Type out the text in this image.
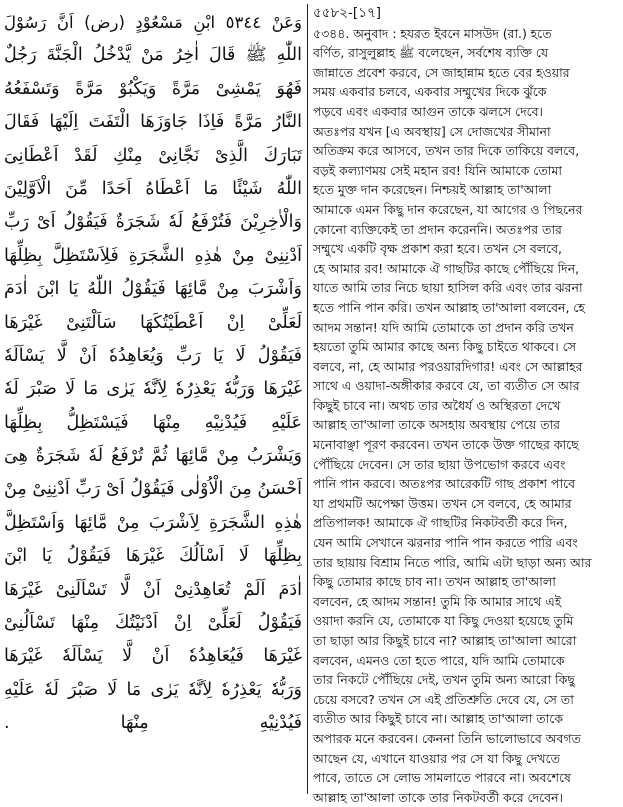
وَعَنْ ٥٣٤٤ ابْنِ مَسْعُوْدٍ (رض) اَنَّ رَسُوْلَ
اللّٰهِ ﷺ قَالَ اٰخِرُ مَنْ يَّدْخُلُ الْجَنَّةَ رَجُلٌ
فَهُوَ يَمْشِىْ مَرَّةً وَيَكْبُوْ مَرَّةً وَتَسْفَعُهُ
النَّارُ مَرَّةً فَاِذَا جَاوَزَهَا الْتَفَتَ اِلَيْهَا فَقَالَ
تَبَارَكَ الَّذِىْ نَجَّانِىْ مِنْكِ لَقَدْ اَعْطَانِىَ
اللّٰهُ شَيْئًا مَا اَعْطَاهُ اَحَدًا مِّنَ الْاَوَّلِيْنَ
وَالْاٰخِرِيْنَ فَتُرْفَعُ لَهٗ شَجَرَةٌ فَيَقُوْلُ اَىْ رَبِّ
اَدْنِنِىْ مِنْ هٰذِهِ الشَّجَرَةِ فَلِاَسْتَظِلَّ بِظِلِّهَا
وَاَشْرَبَ مِنْ مَّائِهَا فَيَقُوْلُ اللّٰهُ يَا ابْنَ اٰدَمَ
لَعَلِّىْ اِنْ اَعْطَيْتُكَهَا سَاَلْتَنِىْ غَيْرَهَا
فَيَقُوْلُ لَا يَا رَبِّ وَيُعَاهِدُهٗ اَنْ لَّا يَسْاَلَهٗ
غَيْرَهَا وَرَبُّهٗ يَعْذِرُهٗ لِاَنَّهٗ يَرٰى مَا لَا صَبْرَ لَهٗ
عَلَيْهِ فَيُدْنِيْهِ مِنْهَا فَيَسْتَظِلُّ بِظِلِّهَا
وَيَشْرَبُ مِنْ مَّائِهَا ثُمَّ تُرْفَعُ لَهٗ شَجَرَةٌ هِىَ
اَحْسَنُ مِنَ الْاُوْلٰى فَيَقُوْلُ اَىْ رَبِّ اَدْنِنِىْ مِنْ
هٰذِهِ الشَّجَرَةِ لِاَشْرَبَ مِنْ مَّائِهَا وَاَسْتَظِلَّ
بِظِلِّهَا لَا اَسْاَلُكَ غَيْرَهَا فَيَقُوْلُ يَا ابْنَ
اٰدَمَ اَلَمْ تُعَاهِدْنِىْ اَنْ لَّا تَسْاَلَنِىْ غَيْرَهَا
فَيَقُوْلُ لَعَلِّىْ اِنْ اَدْنَيْتُكَ مِنْهَا تَسْاَلُنِىْ
غَيْرَهَا فَيُعَاهِدُهٗ اَنْ لَّا يَسْاَلَهٗ غَيْرَهَا
وَرَبُّهٗ يَعْذِرُهٗ لِاَنَّهٗ يَرٰى مَا لَا صَبْرَ لَهٗ عَلَيْهِ
فَيُدْنِيْهِ مِنْهَا .
৫৫৮২-[১৭]
৫৩৪৪. অনুবাদ : হযরত ইবনে মাসউদ (রা.) হতে
বর্ণিত, রাসুলুল্লাহ ﷺ বলেছেন, সর্বশেষ ব্যক্তি যে
জান্নাতে প্রবেশ করবে, সে জাহান্নাম হতে বের হওয়ার
সময় একবার চলবে, একবার সম্মুখের দিকে ঝুঁকে
পড়বে এবং একবার আগুন তাকে ঝলসে দেবে।
অতঃপর যখন [এ অবস্থায়] সে দোজখের সীমানা
অতিক্রম করে আসবে, তখন তার দিকে তাকিয়ে বলবে,
বড়ই কল্যাণময় সেই মহান রব! যিনি আমাকে তোমা
হতে মুক্ত দান করেছেন। নিশ্চয়ই আল্লাহ তা'আলা
আমাকে এমন কিছু দান করেছেন, যা আগের ও পিছনের
কোনো ব্যক্তিকেই তা প্রদান করেননি। অতঃপর তার
সম্মুখে একটি বৃক্ষ প্রকাশ করা হবে। তখন সে বলবে,
হে আমার রব! আমাকে ঐ গাছটির কাছে পৌঁছিয়ে দিন,
যাতে আমি তার নিচে ছায়া হাসিল করি এবং তার ঝরনা
হতে পানি পান করি। তখন আল্লাহ তা'আলা বলবেন, হে
আদম সন্তান! যদি আমি তোমাকে তা প্রদান করি তখন
হয়তো তুমি আমার কাছে অন্য কিছু চাইতে থাকবে। সে
বলবে, না, হে আমার পরওয়ারদিগার! এবং সে আল্লাহর
সাথে এ ওয়াদা-অঙ্গীকার করবে যে, তা ব্যতীত সে আর
কিছুই চাবে না। অথচ তার অধৈর্য ও অস্থিরতা দেখে
আল্লাহ তা'আলা তাকে অসহায় অবস্থায় পেয়ে তার
মনোবাঞ্ছা পূরণ করবেন। তখন তাকে উক্ত গাছের কাছে
পৌঁছিয়ে দেবেন। সে তার ছায়া উপভোগ করবে এবং
পানি পান করবে। অতঃপর আরেকটি গাছ প্রকাশ পাবে
যা প্রথমটি অপেক্ষা উত্তম। তখন সে বলবে, হে আমার
প্রতিপালক! আমাকে ঐ গাছটির নিকটবর্তী করে দিন,
যেন আমি সেখানে ঝরনার পানি পান করতে পারি এবং
তার ছায়ায় বিশ্রাম নিতে পারি, আমি এটা ছাড়া অন্য আর
কিছু তোমার কাছে চাব না। তখন আল্লাহ তা'আলা
বলবেন, হে আদম সন্তান! তুমি কি আমার সাথে এই
ওয়াদা করনি যে, তোমাকে যা কিছু দেওয়া হয়েছে তুমি
তা ছাড়া আর কিছুই চাবে না? আল্লাহ তা'আলা আরো
বলবেন, এমনও তো হতে পারে, যদি আমি তোমাকে
তার নিকটে পৌঁছিয়ে দেই, তখন তুমি অন্য আরো কিছু
চেয়ে বসবে? তখন সে এই প্রতিশ্রুতি দেবে যে, সে তা
ব্যতীত আর কিছুই চাবে না। আল্লাহ তা'আলা তাকে
অপারক মনে করবেন। কেননা তিনি ভালোভাবে অবগত
আছেন যে, এখানে যাওয়ার পর সে যা কিছু দেখতে
পাবে, তাতে সে লোভ সামলাতে পারবে না। অবশেষে
আল্লাহ তা'আলা তাকে তার নিকটবর্তী করে দেবেন।
